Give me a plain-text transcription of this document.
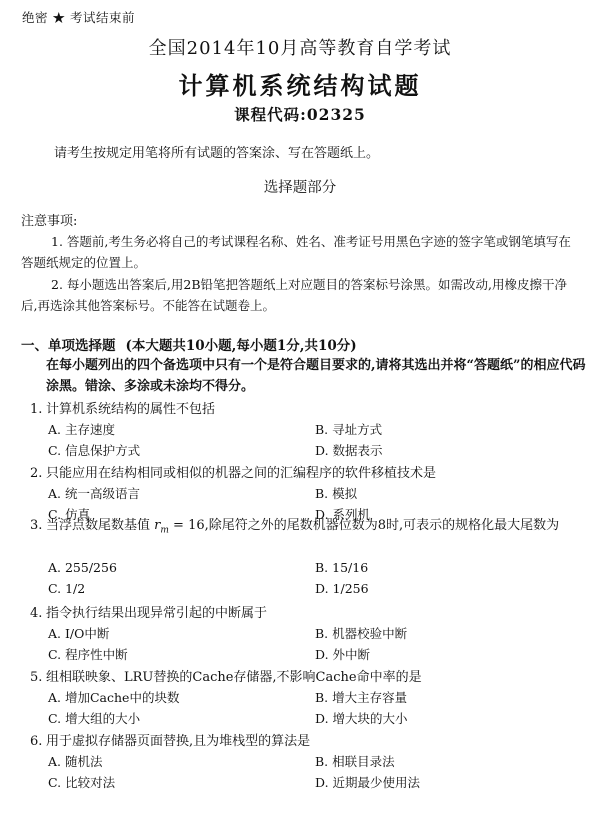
绝密 ★ 考试结束前
全国2014年10月高等教育自学考试
计算机系统结构试题
课程代码:02325
请考生按规定用笔将所有试题的答案涂、写在答题纸上。
选择题部分
注意事项:
1. 答题前,考生务必将自己的考试课程名称、姓名、准考证号用黑色字迹的签字笔或钢笔填写在答题纸规定的位置上。
2. 每小题选出答案后,用2B铅笔把答题纸上对应题目的答案标号涂黑。如需改动,用橡皮擦干净后,再选涂其他答案标号。不能答在试题卷上。
一、单项选择题 (本大题共10小题,每小题1分,共10分)
在每小题列出的四个备选项中只有一个是符合题目要求的,请将其选出并将“答题纸”的相应代码涂黑。错涂、多涂或未涂均不得分。
1. 计算机系统结构的属性不包括
A. 主存速度	B. 寻址方式
C. 信息保护方式	D. 数据表示
2. 只能应用在结构相同或相似的机器之间的汇编程序的软件移植技术是
A. 统一高级语言	B. 模拟
C. 仿真	D. 系列机
3. 当浮点数尾数基值 $r_m = 16$,除尾符之外的尾数机器位数为8时,可表示的规格化最大尾数为
A. 255/256	B. 15/16
C. 1/2	D. 1/256
4. 指令执行结果出现异常引起的中断属于
A. I/O中断	B. 机器校验中断
C. 程序性中断	D. 外中断
5. 组相联映象、LRU替换的Cache存储器,不影响Cache命中率的是
A. 增加Cache中的块数	B. 增大主存容量
C. 增大组的大小	D. 增大块的大小
6. 用于虚拟存储器页面替换,且为堆栈型的算法是
A. 随机法	B. 相联目录法
C. 比较对法	D. 近期最少使用法
